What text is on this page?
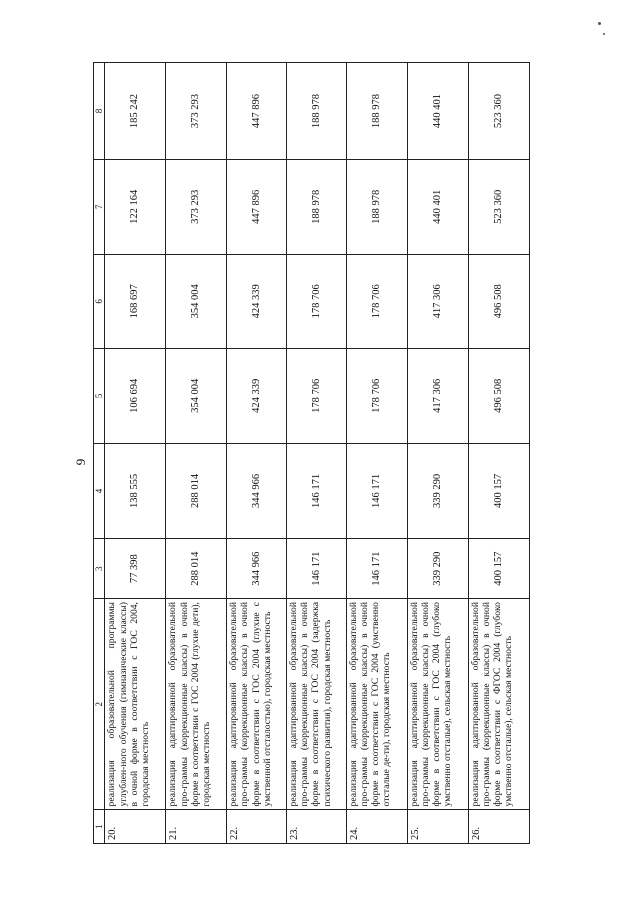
9
1	2	3	4	5	6	7	8
20.	реализация образовательной программы углублен-ного обучения (гимназические классы) в очной форме в соответствии с ГОС 2004, городская местность	77 398	138 555	106 694	168 697	122 164	185 242
21.	реализация адаптированной образовательной про-граммы (коррекционные классы) в очной форме в соответствии с ГОС 2004 (глухие дети), городская местность	288 014	288 014	354 004	354 004	373 293	373 293
22.	реализация адаптированной образовательной про-граммы (коррекционные классы) в очной форме в соответствии с ГОС 2004 (глухие с умственной отсталостью), городская местность	344 966	344 966	424 339	424 339	447 896	447 896
23.	реализация адаптированной образовательной про-граммы (коррекционные классы) в очной форме в соответствии с ГОС 2004 (задержка психического развития), городская местность	146 171	146 171	178 706	178 706	188 978	188 978
24.	реализация адаптированной образовательной про-граммы (коррекционные классы) в очной форме в соответствии с ГОС 2004 (умственно отсталые де-ти), городская местность	146 171	146 171	178 706	178 706	188 978	188 978
25.	реализация адаптированной образовательной про-граммы (коррекционные классы) в очной форме в соответствии с ГОС 2004 (глубоко умственно отсталые), сельская местность	339 290	339 290	417 306	417 306	440 401	440 401
26.	реализация адаптированной образовательной про-граммы (коррекционные классы) в очной форме в соответствии с ФГОС 2004 (глубоко умственно отсталые), сельская местность	400 157	400 157	496 508	496 508	523 360	523 360
